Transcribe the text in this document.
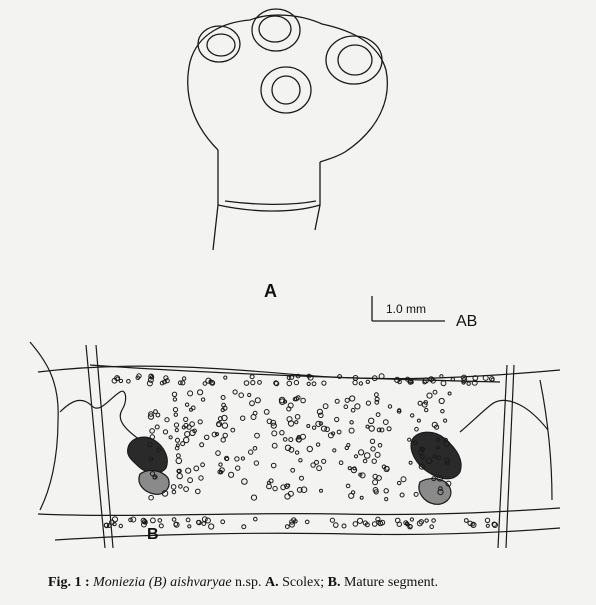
A
1.0 mm
AB
B
Fig. 1 : Moniezia (B) aishvaryae n.sp. A. Scolex; B. Mature segment.
